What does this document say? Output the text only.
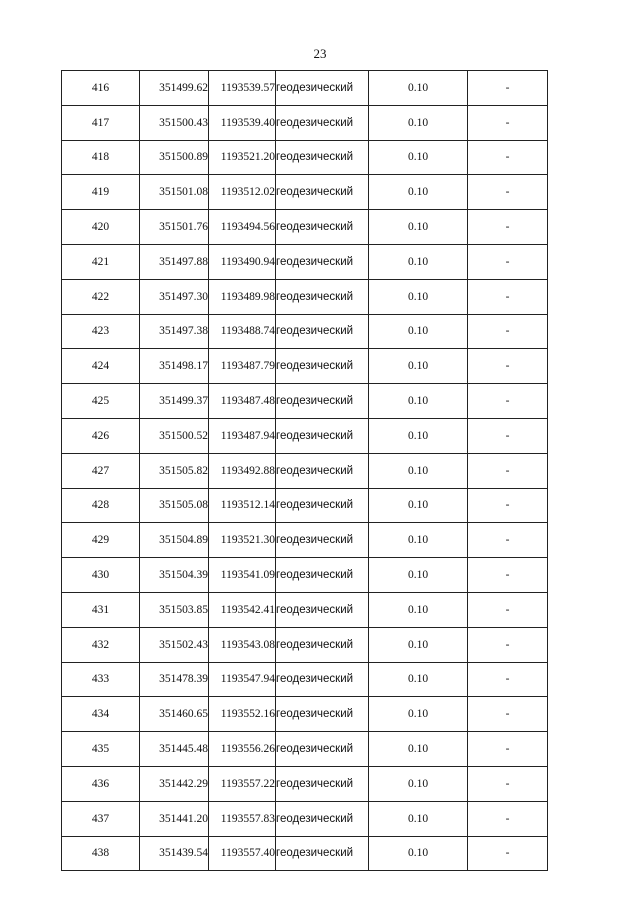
23
416	351499.62	1193539.57	геодезический	0.10	-
417	351500.43	1193539.40	геодезический	0.10	-
418	351500.89	1193521.20	геодезический	0.10	-
419	351501.08	1193512.02	геодезический	0.10	-
420	351501.76	1193494.56	геодезический	0.10	-
421	351497.88	1193490.94	геодезический	0.10	-
422	351497.30	1193489.98	геодезический	0.10	-
423	351497.38	1193488.74	геодезический	0.10	-
424	351498.17	1193487.79	геодезический	0.10	-
425	351499.37	1193487.48	геодезический	0.10	-
426	351500.52	1193487.94	геодезический	0.10	-
427	351505.82	1193492.88	геодезический	0.10	-
428	351505.08	1193512.14	геодезический	0.10	-
429	351504.89	1193521.30	геодезический	0.10	-
430	351504.39	1193541.09	геодезический	0.10	-
431	351503.85	1193542.41	геодезический	0.10	-
432	351502.43	1193543.08	геодезический	0.10	-
433	351478.39	1193547.94	геодезический	0.10	-
434	351460.65	1193552.16	геодезический	0.10	-
435	351445.48	1193556.26	геодезический	0.10	-
436	351442.29	1193557.22	геодезический	0.10	-
437	351441.20	1193557.83	геодезический	0.10	-
438	351439.54	1193557.40	геодезический	0.10	-
